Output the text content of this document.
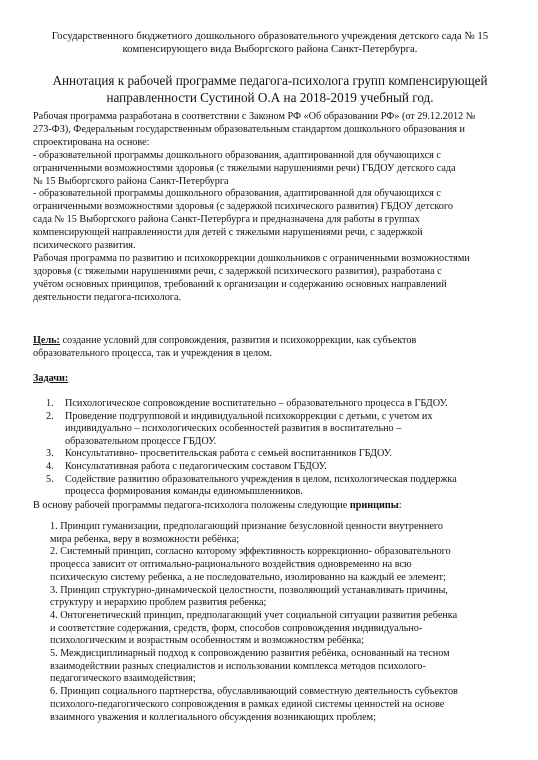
Государственного бюджетного дошкольного образовательного учреждения детского сада № 15
компенсирующего вида Выборгского района Санкт-Петербурга.
Аннотация к рабочей программе педагога-психолога групп компенсирующей
направленности Сустиной О.А на 2018-2019 учебный год.
Рабочая программа разработана в соответствии с Законом РФ «Об образовании РФ» (от 29.12.2012 №
273-ФЗ), Федеральным государственным образовательным стандартом дошкольного образования и
спроектирована на основе:
- образовательной программы дошкольного образования, адаптированной для обучающихся с
ограниченными возможностями здоровья (с тяжелыми нарушениями речи) ГБДОУ детского сада
№ 15 Выборгского района Санкт-Петербурга
- образовательной программы дошкольного образования, адаптированной для обучающихся с
ограниченными возможностями здоровья (с задержкой психического развития) ГБДОУ детского
сада № 15 Выборгского района Санкт-Петербурга и предназначена для работы в группах
компенсирующей направленности для детей с тяжелыми нарушениями речи, с задержкой
психического развития.
Рабочая программа по развитию и психокоррекции дошкольников с ограниченными возможностями
здоровья (с тяжелыми нарушениями речи, с задержкой психического развития), разработана с
учётом основных принципов, требований к организации и содержанию основных направлений
деятельности педагога-психолога.
Цель: создание условий для сопровождения, развития и психокоррекции, как субъектов
образовательного процесса, так и учреждения в целом.
Задачи:
1. Психологическое сопровождение воспитательно – образовательного процесса в ГБДОУ.
2. Проведение подгрупповой и индивидуальной психокоррекции с детьми, с учетом их
индивидуально – психологических особенностей развития в воспитательно –
образовательном процессе ГБДОУ.
3. Консультативно- просветительская работа с семьей воспитанников ГБДОУ.
4. Консультативная работа с педагогическим составом ГБДОУ.
5. Содействие развитию образовательного учреждения в целом, психологическая поддержка
процесса формирования команды единомышленников.
В основу рабочей программы педагога-психолога положены следующие принципы:
1. Принцип гуманизации, предполагающий признание безусловной ценности внутреннего
мира ребенка, веру в возможности ребёнка;
2. Системный принцип, согласно которому эффективность коррекционно- образовательного
процесса зависит от оптимально-рационального воздействия одновременно на всю
психическую систему ребенка, а не последовательно, изолированно на каждый ее элемент;
3. Принцип структурно-динамической целостности, позволяющий устанавливать причины,
структуру и иерархию проблем развития ребенка;
4. Онтогенетический принцип, предполагающий учет социальной ситуации развития ребенка
и соответствие содержания, средств, форм, способов сопровождения индивидуально-
психологическим и возрастным особенностям и возможностям ребёнка;
5. Междисциплинарный подход к сопровождению развития ребёнка, основанный на тесном
взаимодействии разных специалистов и использовании комплекса методов психолого-
педагогического взаимодействия;
6. Принцип социального партнерства, обуславливающий совместную деятельность субъектов
психолого-педагогического сопровождения в рамках единой системы ценностей на основе
взаимного уважения и коллегиального обсуждения возникающих проблем;
